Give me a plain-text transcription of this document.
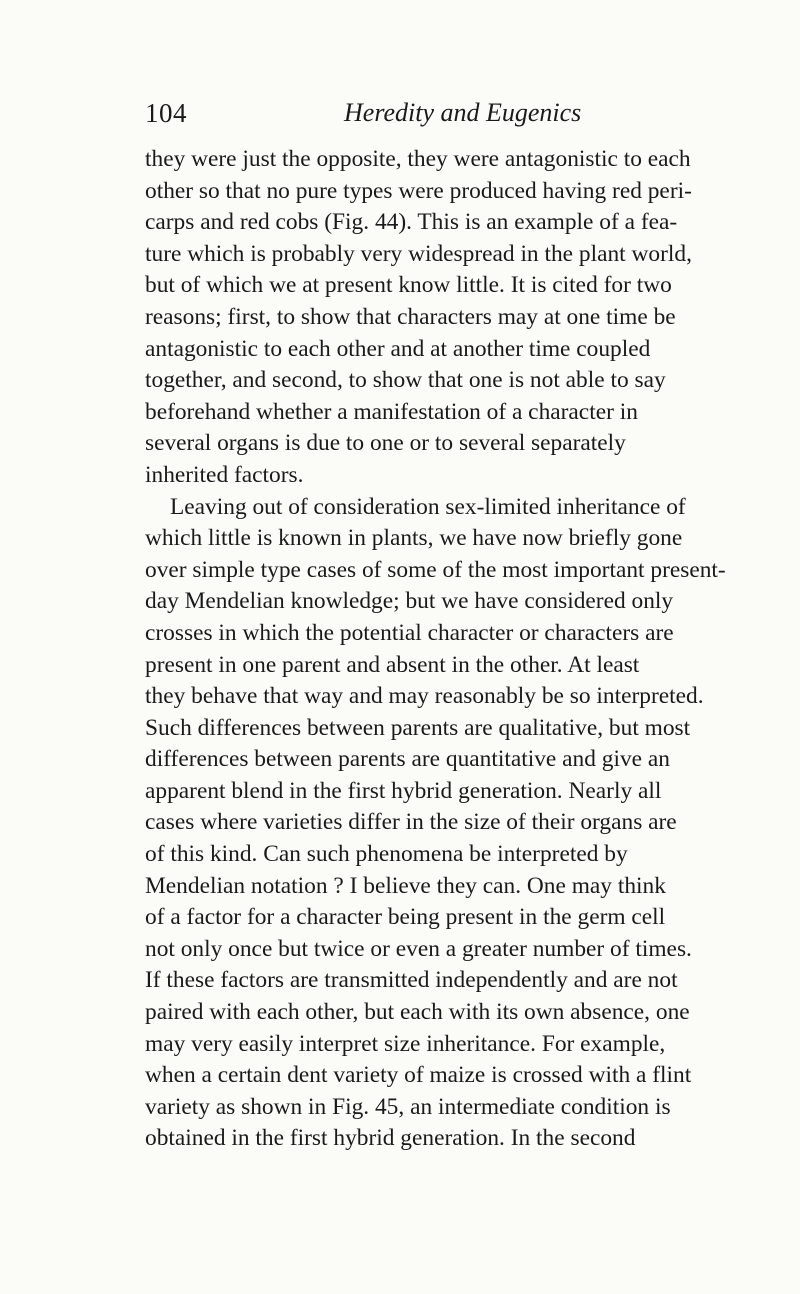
104	Heredity and Eugenics
they were just the opposite, they were antagonistic to each
other so that no pure types were produced having red peri-
carps and red cobs (Fig. 44). This is an example of a fea-
ture which is probably very widespread in the plant world,
but of which we at present know little. It is cited for two
reasons; first, to show that characters may at one time be
antagonistic to each other and at another time coupled
together, and second, to show that one is not able to say
beforehand whether a manifestation of a character in
several organs is due to one or to several separately
inherited factors.
Leaving out of consideration sex-limited inheritance of
which little is known in plants, we have now briefly gone
over simple type cases of some of the most important present-
day Mendelian knowledge; but we have considered only
crosses in which the potential character or characters are
present in one parent and absent in the other. At least
they behave that way and may reasonably be so interpreted.
Such differences between parents are qualitative, but most
differences between parents are quantitative and give an
apparent blend in the first hybrid generation. Nearly all
cases where varieties differ in the size of their organs are
of this kind. Can such phenomena be interpreted by
Mendelian notation ? I believe they can. One may think
of a factor for a character being present in the germ cell
not only once but twice or even a greater number of times.
If these factors are transmitted independently and are not
paired with each other, but each with its own absence, one
may very easily interpret size inheritance. For example,
when a certain dent variety of maize is crossed with a flint
variety as shown in Fig. 45, an intermediate condition is
obtained in the first hybrid generation. In the second
